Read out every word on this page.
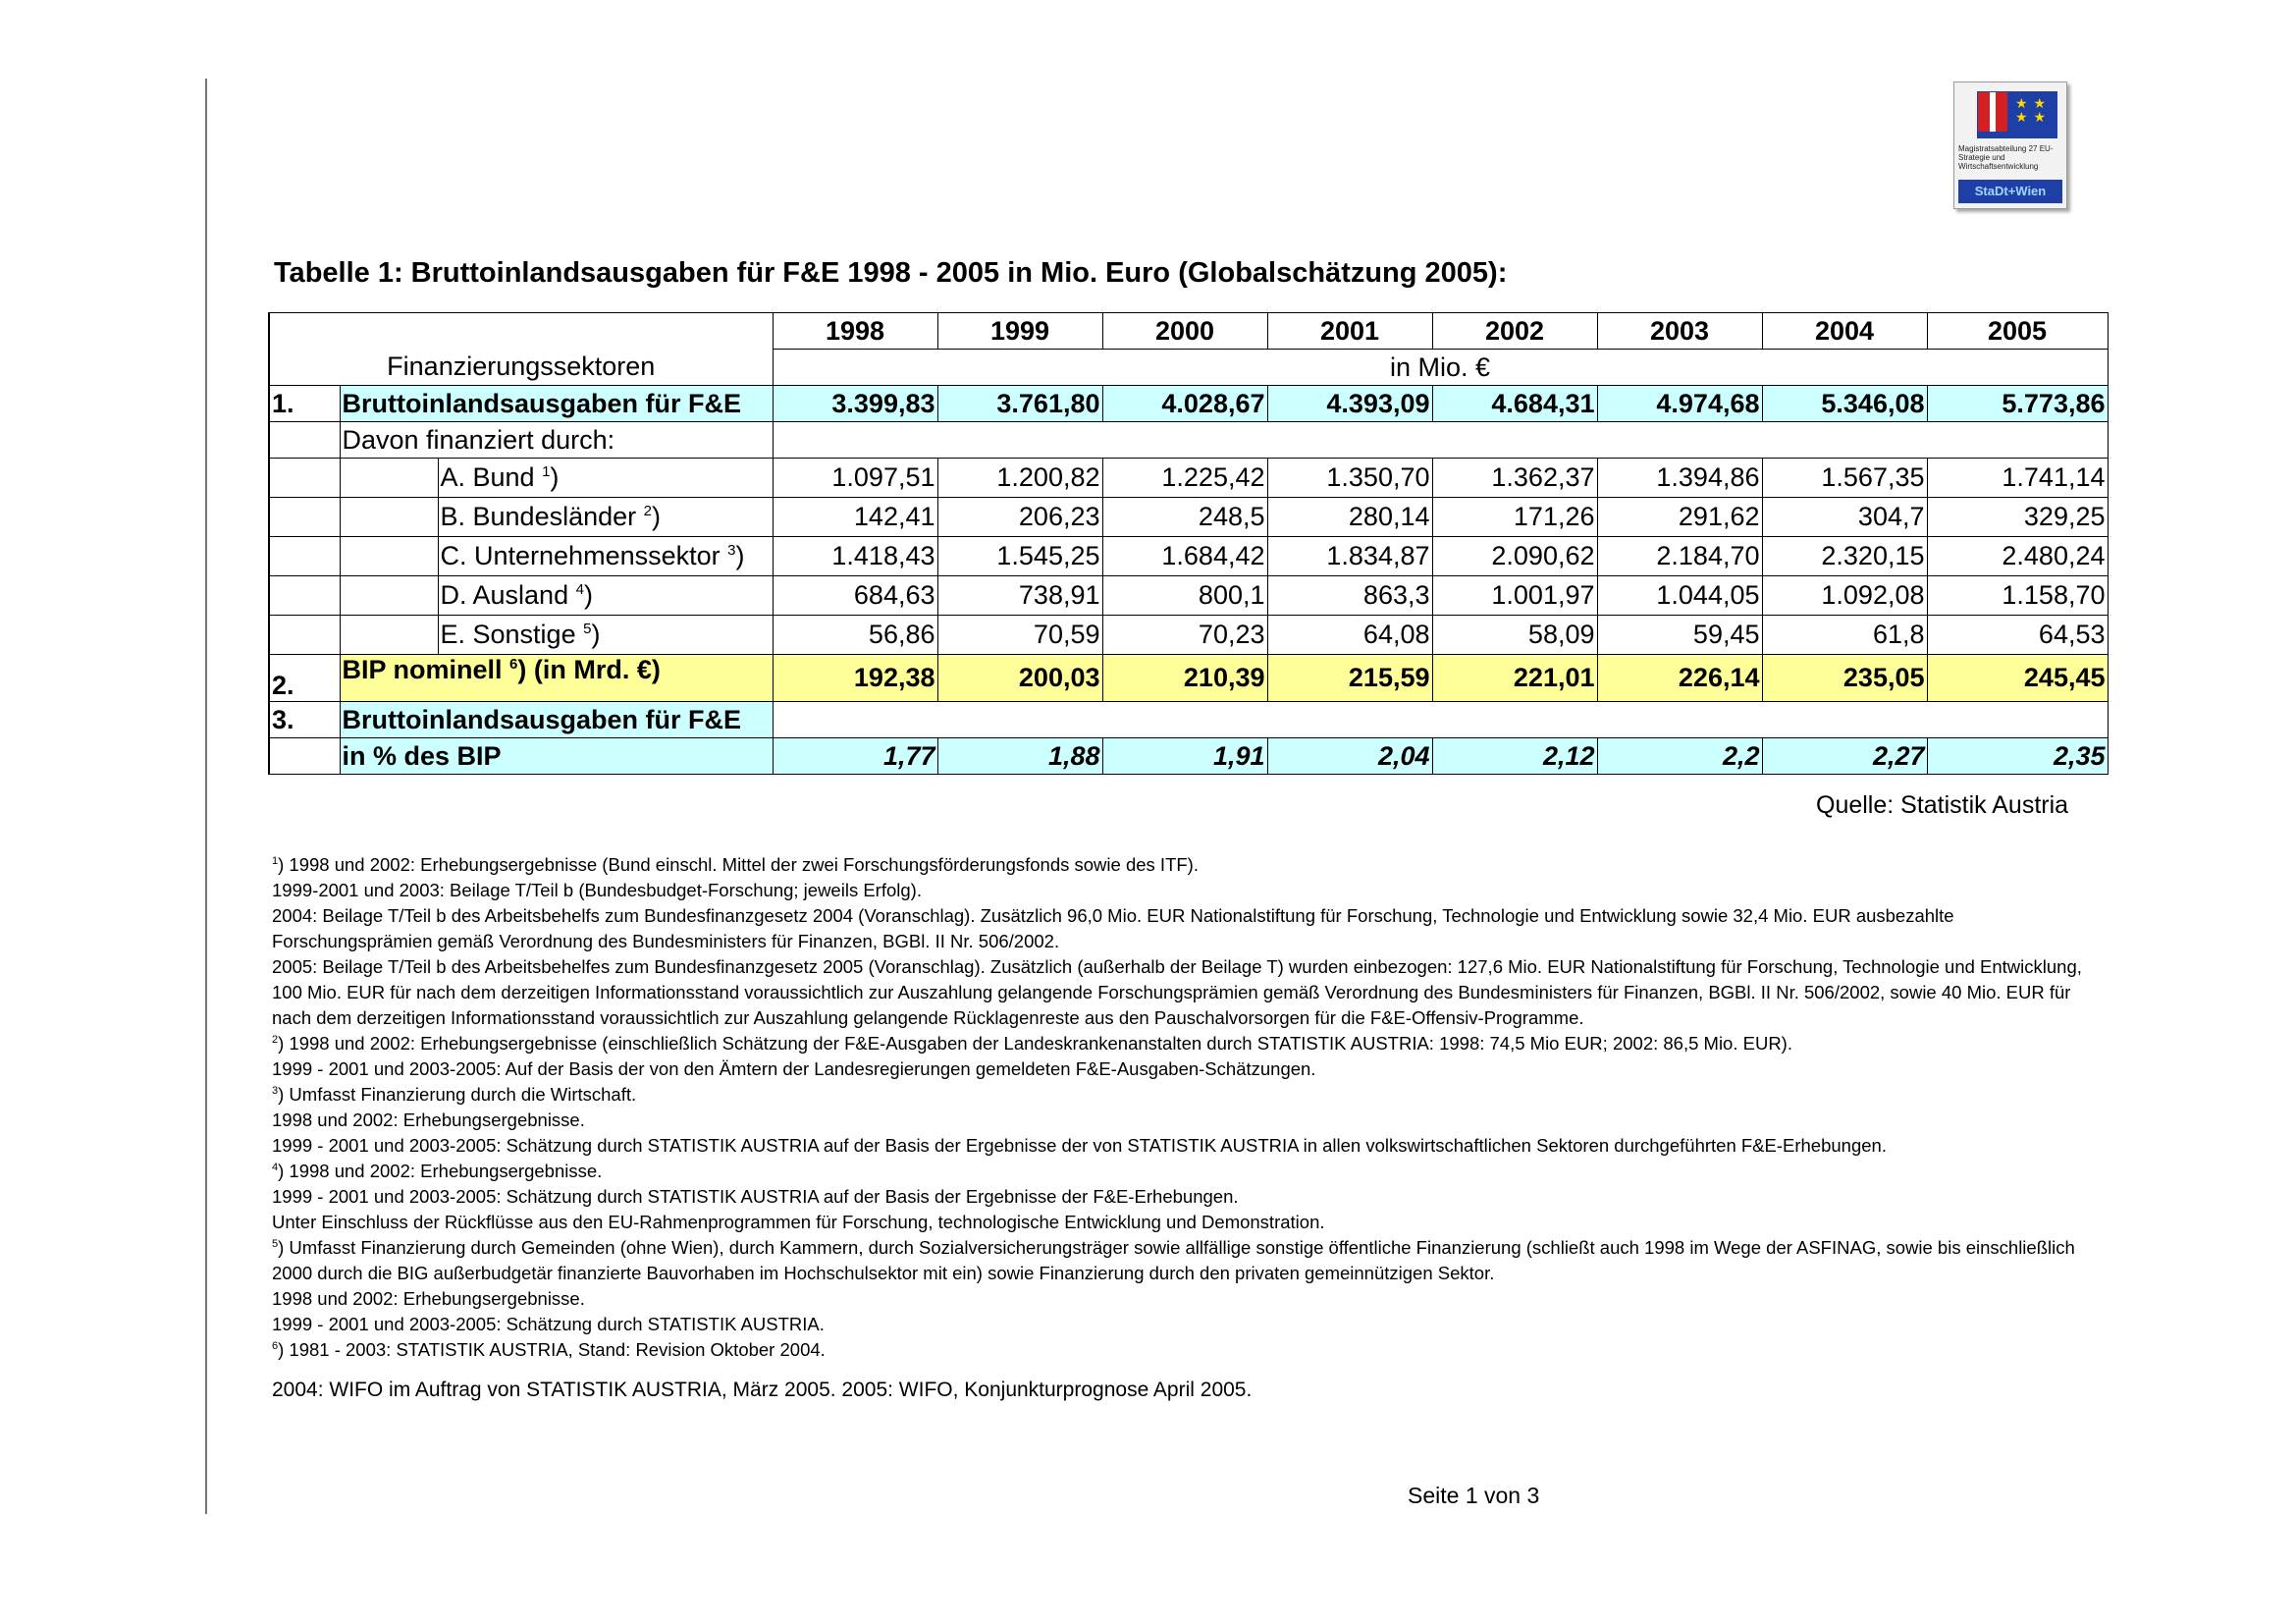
★ ★
★ ★
Magistratsabteilung 27 EU-Strategie und Wirtschaftsentwicklung
StaDt+Wien
Tabelle 1: Bruttoinlandsausgaben für F&E 1998 - 2005 in Mio. Euro (Globalschätzung 2005):
			1998	1999	2000	2001	2002	2003	2004	2005
Finanzierungssektoren			in Mio. €							
1.	Bruttoinlandsausgaben für F&E		3.399,83	3.761,80	4.028,67	4.393,09	4.684,31	4.974,68	5.346,08	5.773,86
	Davon finanziert durch:									
		A. Bund $^1$)	1.097,51	1.200,82	1.225,42	1.350,70	1.362,37	1.394,86	1.567,35	1.741,14
		B. Bundesländer $^2$)	142,41	206,23	248,5	280,14	171,26	291,62	304,7	329,25
		C. Unternehmenssektor $^3$)	1.418,43	1.545,25	1.684,42	1.834,87	2.090,62	2.184,70	2.320,15	2.480,24
		D. Ausland $^4$)	684,63	738,91	800,1	863,3	1.001,97	1.044,05	1.092,08	1.158,70
		E. Sonstige $^5$)	56,86	70,59	70,23	64,08	58,09	59,45	61,8	64,53
2.	BIP nominell $^6$) (in Mrd. €)		192,38	200,03	210,39	215,59	221,01	226,14	235,05	245,45
3.	Bruttoinlandsausgaben für F&E									
	in % des BIP		1,77	1,88	1,91	2,04	2,12	2,2	2,27	2,35
Quelle: Statistik Austria

$^1$) 1998 und 2002: Erhebungsergebnisse (Bund einschl. Mittel der zwei Forschungsförderungsfonds sowie des ITF).

1999-2001 und 2003: Beilage T/Teil b (Bundesbudget-Forschung; jeweils Erfolg).

2004: Beilage T/Teil b des Arbeitsbehelfs zum Bundesfinanzgesetz 2004 (Voranschlag). Zusätzlich 96,0 Mio. EUR Nationalstiftung für Forschung, Technologie und Entwicklung sowie 32,4 Mio. EUR ausbezahlte Forschungsprämien gemäß Verordnung des Bundesministers für Finanzen, BGBl. II Nr. 506/2002.

2005: Beilage T/Teil b des Arbeitsbehelfes zum Bundesfinanzgesetz 2005 (Voranschlag). Zusätzlich (außerhalb der Beilage T) wurden einbezogen: 127,6 Mio. EUR Nationalstiftung für Forschung, Technologie und Entwicklung, 100 Mio. EUR für nach dem derzeitigen Informationsstand voraussichtlich zur Auszahlung gelangende Forschungsprämien gemäß Verordnung des Bundesministers für Finanzen, BGBl. II Nr. 506/2002, sowie 40 Mio. EUR für nach dem derzeitigen Informationsstand voraussichtlich zur Auszahlung gelangende Rücklagenreste aus den Pauschalvorsorgen für die F&E-Offensiv-Programme.

$^2$) 1998 und 2002: Erhebungsergebnisse (einschließlich Schätzung der F&E-Ausgaben der Landeskrankenanstalten durch STATISTIK AUSTRIA: 1998: 74,5 Mio EUR; 2002: 86,5 Mio. EUR).

1999 - 2001 und 2003-2005: Auf der Basis der von den Ämtern der Landesregierungen gemeldeten F&E-Ausgaben-Schätzungen.

$^3$) Umfasst Finanzierung durch die Wirtschaft.

1998 und 2002: Erhebungsergebnisse.

1999 - 2001 und 2003-2005: Schätzung durch STATISTIK AUSTRIA auf der Basis der Ergebnisse der von STATISTIK AUSTRIA in allen volkswirtschaftlichen Sektoren durchgeführten F&E-Erhebungen.

$^4$) 1998 und 2002: Erhebungsergebnisse.

1999 - 2001 und 2003-2005: Schätzung durch STATISTIK AUSTRIA auf der Basis der Ergebnisse der F&E-Erhebungen.

Unter Einschluss der Rückflüsse aus den EU-Rahmenprogrammen für Forschung, technologische Entwicklung und Demonstration.

$^5$) Umfasst Finanzierung durch Gemeinden (ohne Wien), durch Kammern, durch Sozialversicherungsträger sowie allfällige sonstige öffentliche Finanzierung (schließt auch 1998 im Wege der ASFINAG, sowie bis einschließlich 2000 durch die BIG außerbudgetär finanzierte Bauvorhaben im Hochschulsektor mit ein) sowie Finanzierung durch den privaten gemeinnützigen Sektor.

1998 und 2002: Erhebungsergebnisse.

1999 - 2001 und 2003-2005: Schätzung durch STATISTIK AUSTRIA.

$^6$) 1981 - 2003: STATISTIK AUSTRIA, Stand: Revision Oktober 2004.

2004: WIFO im Auftrag von STATISTIK AUSTRIA, März 2005. 2005: WIFO, Konjunkturprognose April 2005.
Seite 1 von 3
